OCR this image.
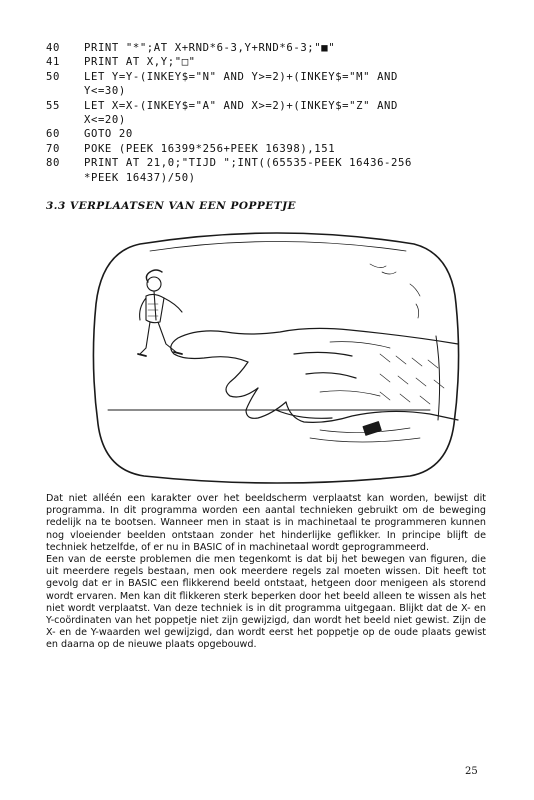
40	PRINT "*";AT X+RND*6-3,Y+RND*6-3;"■"
41	PRINT AT X,Y;"□"
50	LET Y=Y-(INKEY$="N" AND Y>=2)+(INKEY$="M" AND
Y<=30)
55	LET X=X-(INKEY$="A" AND X>=2)+(INKEY$="Z" AND
X<=20)
60	GOTO 20
70	POKE (PEEK 16399*256+PEEK 16398),151
80	PRINT AT 21,0;"TIJD ";INT((65535-PEEK 16436-256
*PEEK 16437)/50)
3.3 VERPLAATSEN VAN EEN POPPETJE

Dat niet alléén een karakter over het beeldscherm verplaatst kan worden, bewijst dit programma. In dit programma worden een aantal technieken gebruikt om de beweging redelijk na te bootsen. Wanneer men in staat is in machinetaal te programmeren kunnen nog vloeiender beelden ontstaan zonder het hinderlijke geflikker. In principe blijft de techniek hetzelfde, of er nu in BASIC of in machinetaal wordt geprogrammeerd.

Een van de eerste problemen die men tegenkomt is dat bij het bewegen van figuren, die uit meerdere regels bestaan, men ook meerdere regels zal moeten wissen. Dit heeft tot gevolg dat er in BASIC een flikkerend beeld ontstaat, hetgeen door menigeen als storend wordt ervaren. Men kan dit flikkeren sterk beperken door het beeld alleen te wissen als het niet wordt verplaatst. Van deze techniek is in dit programma uitgegaan. Blijkt dat de X- en Y-coördinaten van het poppetje niet zijn gewijzigd, dan wordt het beeld niet gewist. Zijn de X- en de Y-waarden wel gewijzigd, dan wordt eerst het poppetje op de oude plaats gewist en daarna op de nieuwe plaats opgebouwd.

25
